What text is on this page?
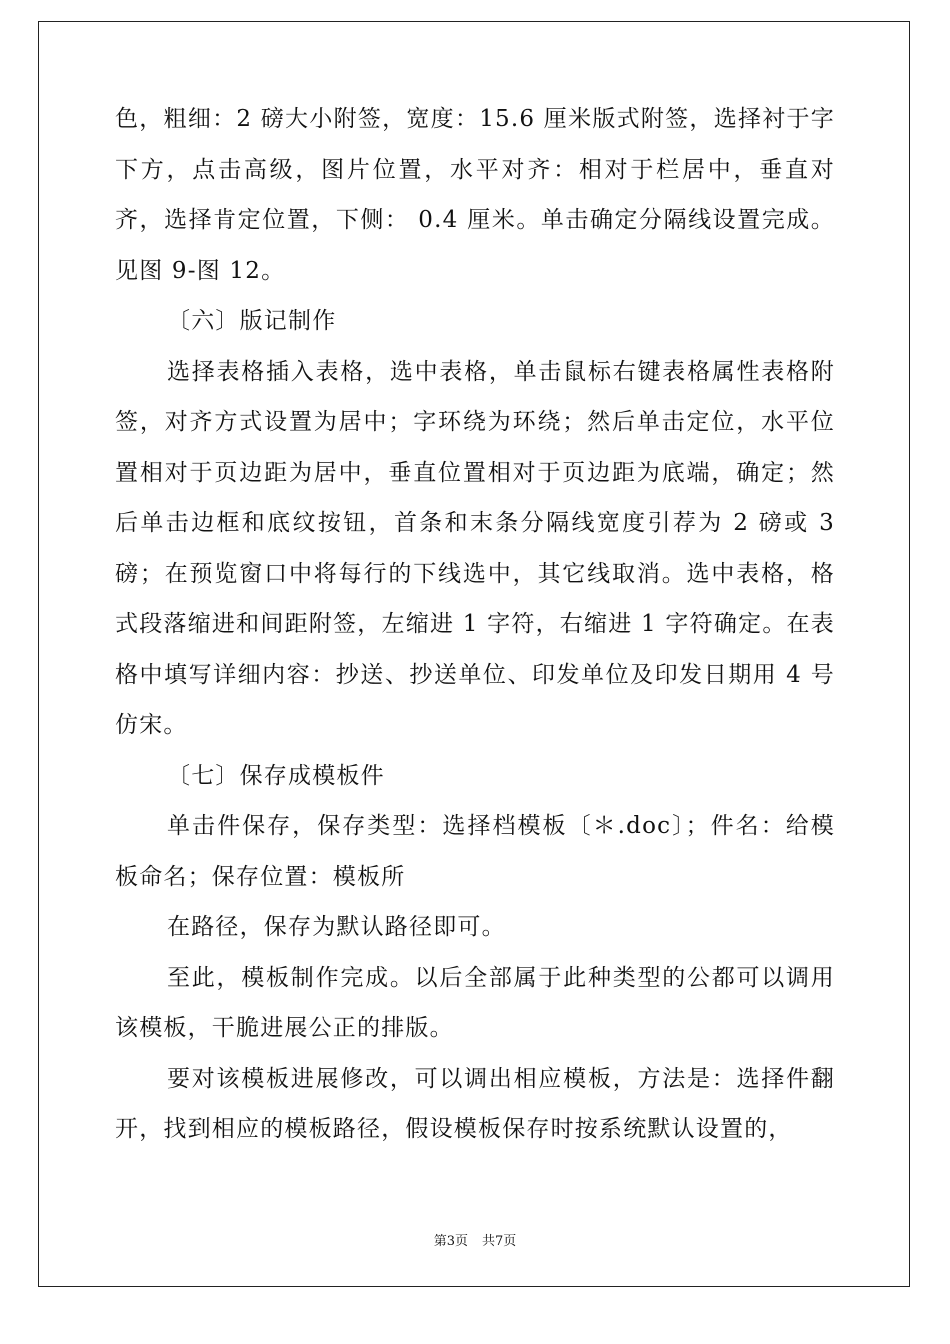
色，粗细：2 磅大小附签，宽度：15.6 厘米版式附签，选择衬于字下方，点击高级，图片位置，水平对齐：相对于栏居中，垂直对齐，选择肯定位置，下侧： 0.4 厘米。单击确定分隔线设置完成。见图 9-图 12。

〔六〕版记制作

选择表格插入表格，选中表格，单击鼠标右键表格属性表格附签，对齐方式设置为居中；字环绕为环绕；然后单击定位，水平位置相对于页边距为居中，垂直位置相对于页边距为底端，确定；然后单击边框和底纹按钮，首条和末条分隔线宽度引荐为 2 磅或 3 磅；在预览窗口中将每行的下线选中，其它线取消。选中表格，格式段落缩进和间距附签，左缩进 1 字符，右缩进 1 字符确定。在表格中填写详细内容：抄送、抄送单位、印发单位及印发日期用 4 号仿宋。

〔七〕保存成模板件

单击件保存，保存类型：选择档模板〔＊.doc〕；件名：给模板命名；保存位置：模板所

在路径，保存为默认路径即可。

至此，模板制作完成。以后全部属于此种类型的公都可以调用该模板，干脆进展公正的排版。

要对该模板进展修改，可以调出相应模板，方法是：选择件翻开，找到相应的模板路径，假设模板保存时按系统默认设置的，

第3页 共7页
